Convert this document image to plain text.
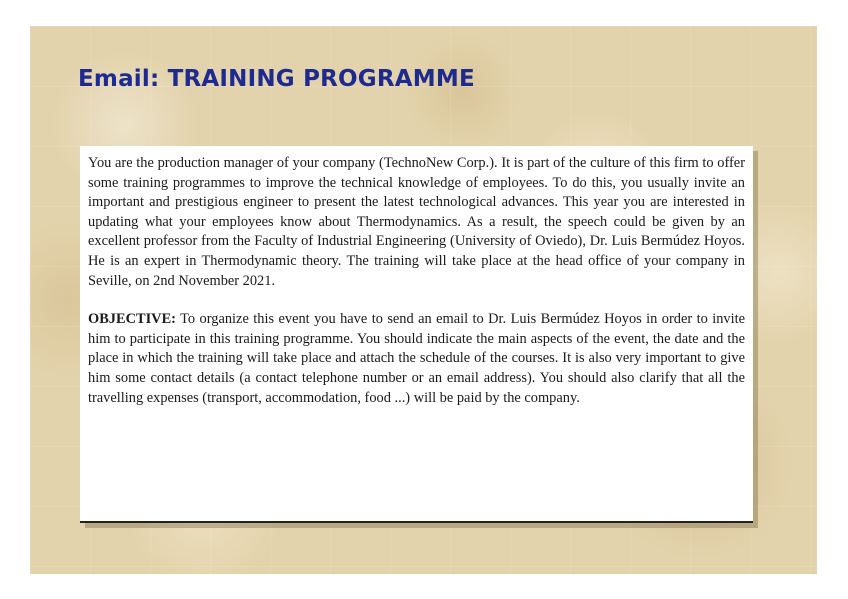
Email: TRAINING PROGRAMME

You are the production manager of your company (TechnoNew Corp.). It is part of the culture of this firm to offer some training programmes to improve the technical knowledge of employees. To do this, you usually invite an important and prestigious engineer to present the latest technological advances. This year you are interested in updating what your employees know about Thermodynamics. As a result, the speech could be given by an excellent professor from the Faculty of Industrial Engineering (University of Oviedo), Dr. Luis Bermúdez Hoyos. He is an expert in Thermodynamic theory. The training will take place at the head office of your company in Seville, on 2nd November 2021.

OBJECTIVE: To organize this event you have to send an email to Dr. Luis Bermúdez Hoyos in order to invite him to participate in this training programme. You should indicate the main aspects of the event, the date and the place in which the training will take place and attach the schedule of the courses. It is also very important to give him some contact details (a contact telephone number or an email address). You should also clarify that all the travelling expenses (transport, accommodation, food ...) will be paid by the company.
